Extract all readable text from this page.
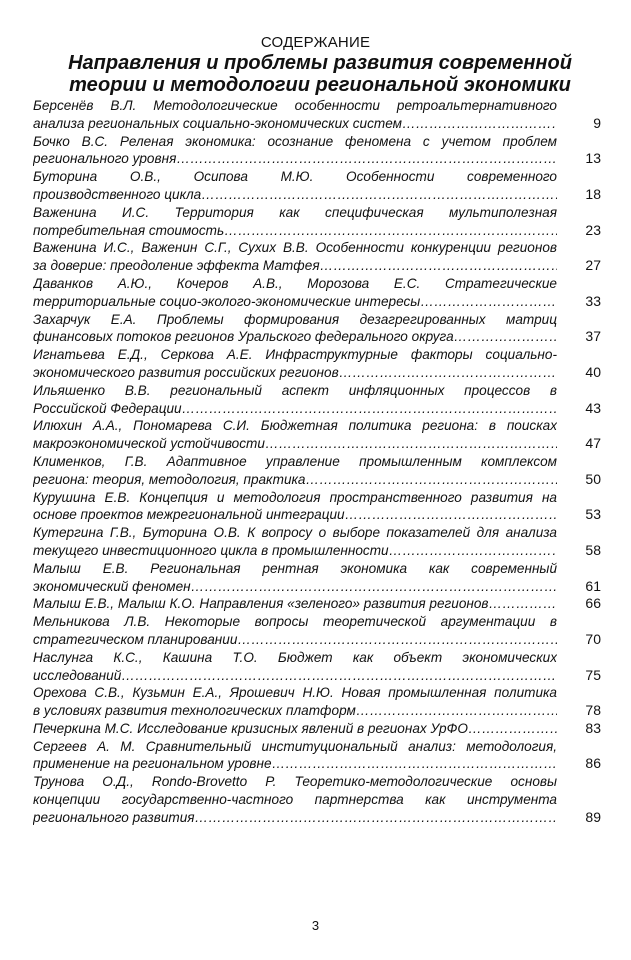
СОДЕРЖАНИЕ
Направления и проблемы развития современной
теории и методологии региональной экономики
Берсенёв В.Л. Методологические особенности ретроальтернативного
анализа региональных социально-экономических систем ……………………………………………………………………………………………………………………………………………………………………	9
Бочко В.С. Реленая экономика: осознание феномена с учетом проблем
регионального уровня ……………………………………………………………………………………………………………………………………………………………………	13
Буторина О.В., Осипова М.Ю. Особенности современного
производственного цикла ……………………………………………………………………………………………………………………………………………………………………	18
Важенина И.С. Территория как специфическая мультиполезная
потребительная стоимость ……………………………………………………………………………………………………………………………………………………………………	23
Важенина И.С., Важенин С.Г., Сухих В.В. Особенности конкуренции регионов
за доверие: преодоление эффекта Матфея ……………………………………………………………………………………………………………………………………………………………………	27
Даванков А.Ю., Кочеров А.В., Морозова Е.С. Стратегические
территориальные социо-эколого-экономические интересы ……………………………………………………………………………………………………………………………………………………………………	33
Захарчук Е.А. Проблемы формирования дезагрегированных матриц
финансовых потоков регионов Уральского федерального округа ……………………………………………………………………………………………………………………………………………………………………	37
Игнатьева Е.Д., Серкова А.Е. Инфраструктурные факторы социально-
экономического развития российских регионов ……………………………………………………………………………………………………………………………………………………………………	40
Ильяшенко В.В. региональный аспект инфляционных процессов в
Российской Федерации ……………………………………………………………………………………………………………………………………………………………………	43
Илюхин А.А., Пономарева С.И. Бюджетная политика региона: в поисках
макроэкономической устойчивости ……………………………………………………………………………………………………………………………………………………………………	47
Клименков, Г.В. Адаптивное управление промышленным комплексом
региона: теория, методология, практика ……………………………………………………………………………………………………………………………………………………………………	50
Курушина Е.В. Концепция и методология пространственного развития на
основе проектов межрегиональной интеграции ……………………………………………………………………………………………………………………………………………………………………	53
Кутергина Г.В., Буторина О.В. К вопросу о выборе показателей для анализа
текущего инвестиционного цикла в промышленности ……………………………………………………………………………………………………………………………………………………………………	58
Малыш Е.В. Региональная рентная экономика как современный
экономический феномен ……………………………………………………………………………………………………………………………………………………………………	61
Малыш Е.В., Малыш К.О. Направления «зеленого» развития регионов ……………………………………………………………………………………………………………………………………………………………………	66
Мельникова Л.В. Некоторые вопросы теоретической аргументации в
стратегическом планировании ……………………………………………………………………………………………………………………………………………………………………	70
Наслунга К.С., Кашина Т.О. Бюджет как объект экономических
исследований ……………………………………………………………………………………………………………………………………………………………………	75
Орехова С.В., Кузьмин Е.А., Ярошевич Н.Ю. Новая промышленная политика
в условиях развития технологических платформ ……………………………………………………………………………………………………………………………………………………………………	78
Печеркина М.С. Исследование кризисных явлений в регионах УрФО ……………………………………………………………………………………………………………………………………………………………………	83
Сергеев А. М. Сравнительный институциональный анализ: методология,
применение на региональном уровне ……………………………………………………………………………………………………………………………………………………………………	86
Трунова О.Д., Rondo-Brovetto P. Теоретико-методологические основы
концепции государственно-частного партнерства как инструмента
регионального развития ……………………………………………………………………………………………………………………………………………………………………	89
3
